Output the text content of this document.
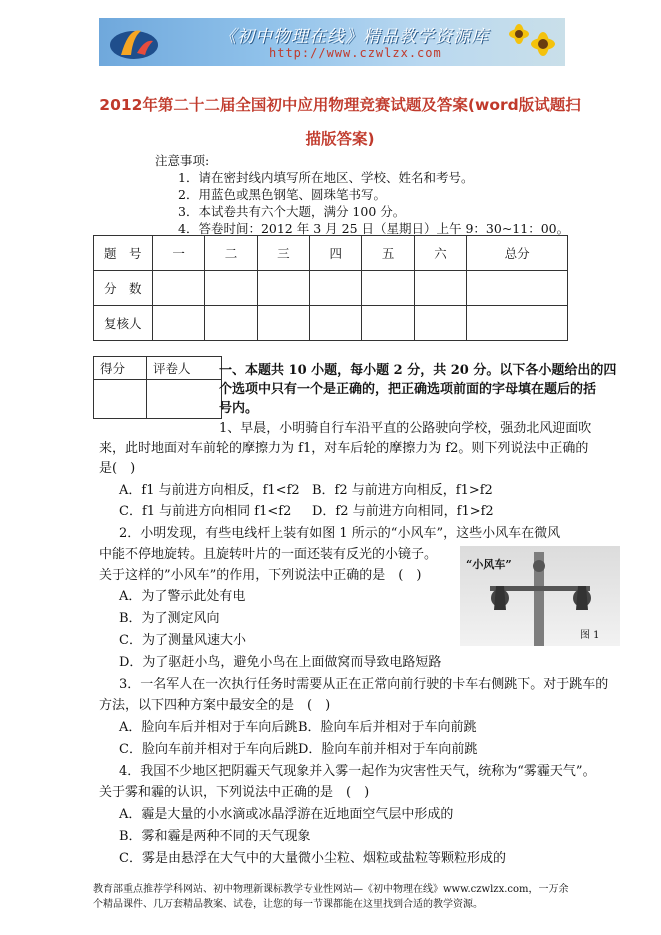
《初中物理在线》精品教学资源库
http://www.czwlzx.com
2012年第二十二届全国初中应用物理竞赛试题及答案(word版试题扫
描版答案)
注意事项:
1．请在密封线内填写所在地区、学校、姓名和考号。
2．用蓝色或黑色钢笔、圆珠笔书写。
3．本试卷共有六个大题，满分 100 分。
4．答卷时间：2012 年 3 月 25 日（星期日）上午 9：30~11：00。
题　号	一	二	三	四	五	六	总分
分　数							
复核人							
得分	评卷人
	一、本题共 10 小题，每小题 2 分，共 20 分。以下各小题给出的四
个选项中只有一个是正确的，把正确选项前面的字母填在题后的括
号内。
1、早晨，小明骑自行车沿平直的公路驶向学校，强劲北风迎面吹
来，此时地面对车前轮的摩擦力为 f1，对车后轮的摩擦力为 f2。则下列说法中正确的
是(　)
A．f1 与前进方向相反，f1<f2 B．f2 与前进方向相反，f1>f2
C．f1 与前进方向相同 f1<f2 D．f2 与前进方向相同，f1>f2
2．小明发现，有些电线杆上装有如图 1 所示的“小风车”，这些小风车在微风
中能不停地旋转。且旋转叶片的一面还装有反光的小镜子。
关于这样的”小风车”的作用，下列说法中正确的是　(　)
A．为了警示此处有电
B．为了测定风向
C．为了测量风速大小
D．为了驱赶小鸟，避免小鸟在上面做窝而导致电路短路
“小风车”
图 1
3．一名军人在一次执行任务时需要从正在正常向前行驶的卡车右侧跳下。对于跳车的
方法，以下四种方案中最安全的是　(　)
A．脸向车后并相对于车向后跳 B．脸向车后并相对于车向前跳
C．脸向车前并相对于车向后跳 D．脸向车前并相对于车向前跳
4．我国不少地区把阴霾天气现象并入雾一起作为灾害性天气，统称为“雾霾天气”。
关于雾和霾的认识，下列说法中正确的是　(　)
A．霾是大量的小水滴或冰晶浮游在近地面空气层中形成的
B．雾和霾是两种不同的天气现象
C．雾是由悬浮在大气中的大量微小尘粒、烟粒或盐粒等颗粒形成的
教育部重点推荐学科网站、初中物理新课标教学专业性网站—《初中物理在线》www.czwlzx.com，一万余
个精品课件、几万套精品教案、试卷，让您的每一节课都能在这里找到合适的教学资源。
